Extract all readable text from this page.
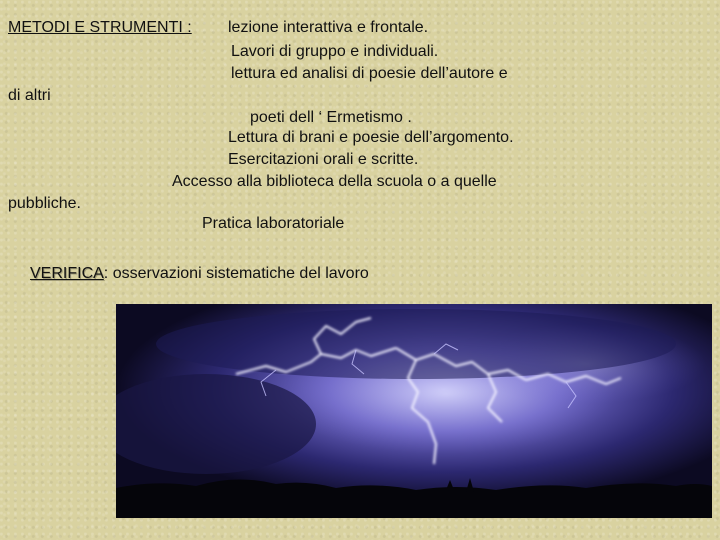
METODI E STRUMENTI : lezione interattiva e frontale.
Lavori di gruppo e individuali.
lettura ed analisi di poesie dell’autore e
di altri
poeti dell ‘ Ermetismo .
Lettura di brani e poesie dell’argomento.
Esercitazioni orali e scritte.
Accesso alla biblioteca della scuola o a quelle
pubbliche.
Pratica laboratoriale
VERIFICA: osservazioni sistematiche del lavoro
